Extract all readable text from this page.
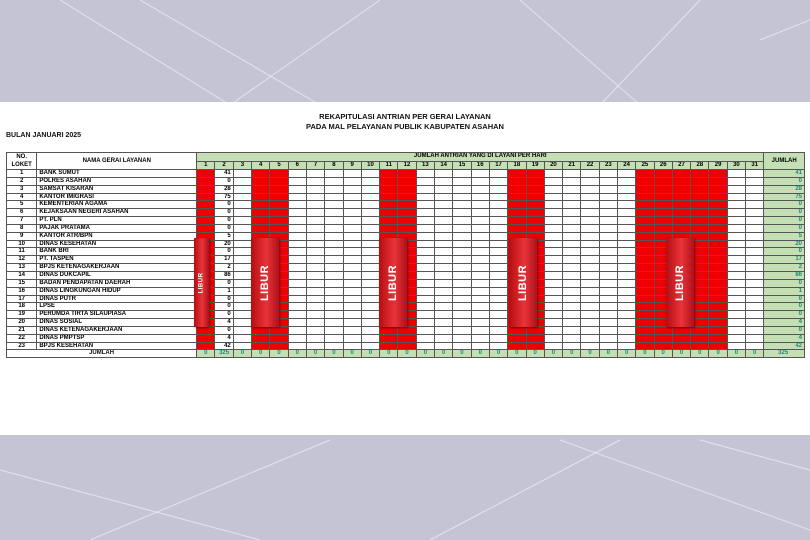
REKAPITULASI ANTRIAN PER GERAI LAYANAN
PADA MAL PELAYANAN PUBLIK KABUPATEN ASAHAN
BULAN JANUARI 2025
NO.
LOKET	NAMA GERAI LAYANAN	JUMLAH ANTRIAN YANG DI LAYANI PER HARI																															JUMLAH
		1	2	3	4	5	6	7	8	9	10	11	12	13	14	15	16	17	18	19	20	21	22	23	24	25	26	27	28	29	30	31	
1	BANK SUMUT		41																														41
2	POLRES ASAHAN		0																														0
3	SAMSAT KISARAN		28																														28
4	KANTOR IMIGRASI		75																														75
5	KEMENTERIAN AGAMA		0																														0
6	KEJAKSAAN NEGERI ASAHAN		0																														0
7	PT. PLN		0																														0
8	PAJAK PRATAMA		0																														0
9	KANTOR ATR/BPN		5																														5
10	DINAS KESEHATAN		20																														20
11	BANK BRI		0																														0
12	PT. TASPEN		17																														17
13	BPJS KETENAGAKERJAAN		2																														2
14	DINAS DUKCAPIL		86																														86
15	BADAN PENDAPATAN DAERAH		0																														0
16	DINAS LINGKUNGAN HIDUP		1																														1
17	DINAS PUTR		0																														0
18	LPSE		0																														0
19	PERUMDA TIRTA SILAUPIASA		0																														0
20	DINAS SOSIAL		4																														4
21	DINAS KETENAGAKERJAAN		0																														0
22	DINAS PMPTSP		4																														4
23	BPJS KESEHATAN		42																														42
JUMLAH		0	325	0	0	0	0	0	0	0	0	0	0	0	0	0	0	0	0	0	0	0	0	0	0	0	0	0	0	0	0	0	325
LIBUR	LIBUR	LIBUR	LIBUR	LIBUR
